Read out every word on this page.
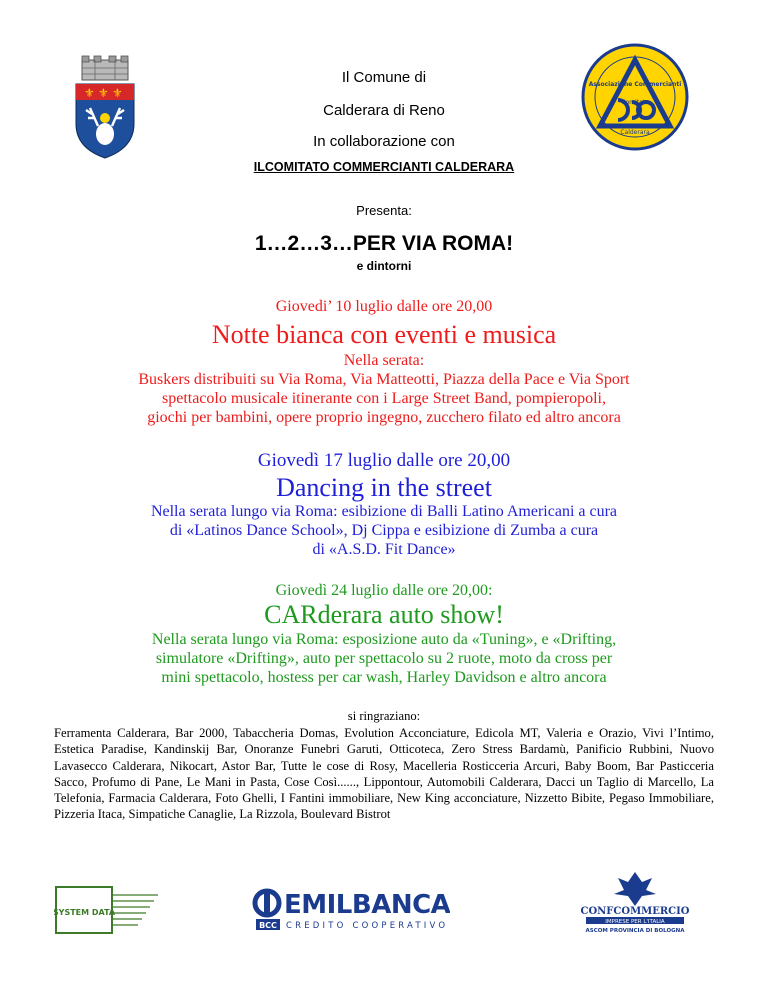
⚜ ⚜ ⚜
Associazione Commercianti
Comitato
Calderara
Il Comune di
Calderara di Reno
In collaborazione con
ILCOMITATO COMMERCIANTI CALDERARA
Presenta:
1…2…3…PER VIA ROMA!
e dintorni
Giovedi’ 10 luglio dalle ore 20,00
Notte bianca con eventi e musica
Nella serata:
Buskers distribuiti su Via Roma, Via Matteotti, Piazza della Pace e Via Sport
spettacolo musicale itinerante con i Large Street Band, pompieropoli,
giochi per bambini, opere proprio ingegno, zucchero filato ed altro ancora
Giovedì 17 luglio dalle ore 20,00
Dancing in the street
Nella serata lungo via Roma: esibizione di Balli Latino Americani a cura
di «Latinos Dance School», Dj Cippa e esibizione di Zumba a cura
di «A.S.D. Fit Dance»
Giovedì 24 luglio dalle ore 20,00:
CARderara auto show!
Nella serata lungo via Roma: esposizione auto da «Tuning», e «Drifting,
simulatore «Drifting», auto per spettacolo su 2 ruote, moto da cross per
mini spettacolo, hostess per car wash, Harley Davidson e altro ancora
si ringraziano:
Ferramenta Calderara, Bar 2000, Tabaccheria Domas, Evolution Acconciature, Edicola MT, Valeria e Orazio, Vivi l’Intimo, Estetica Paradise, Kandinskij Bar, Onoranze Funebri Garuti, Otticoteca, Zero Stress Bardamù, Panificio Rubbini, Nuovo Lavasecco Calderara, Nikocart, Astor Bar, Tutte le cose di Rosy, Macelleria Rosticceria Arcuri, Baby Boom, Bar Pasticceria Sacco, Profumo di Pane, Le Mani in Pasta, Cose Così......, Lippontour, Automobili Calderara, Dacci un Taglio di Marcello, La Telefonia, Farmacia Calderara, Foto Ghelli, I Fantini immobiliare, New King acconciature, Nizzetto Bibite, Pegaso Immobiliare, Pizzeria Itaca, Simpatiche Canaglie, La Rizzola, Boulevard Bistrot
SYSTEM DATA	EMILBANCA
BCC CREDITO COOPERATIVO
CONFCOMMERCIO
IMPRESE PER L'ITALIA
ASCOM PROVINCIA DI BOLOGNA
